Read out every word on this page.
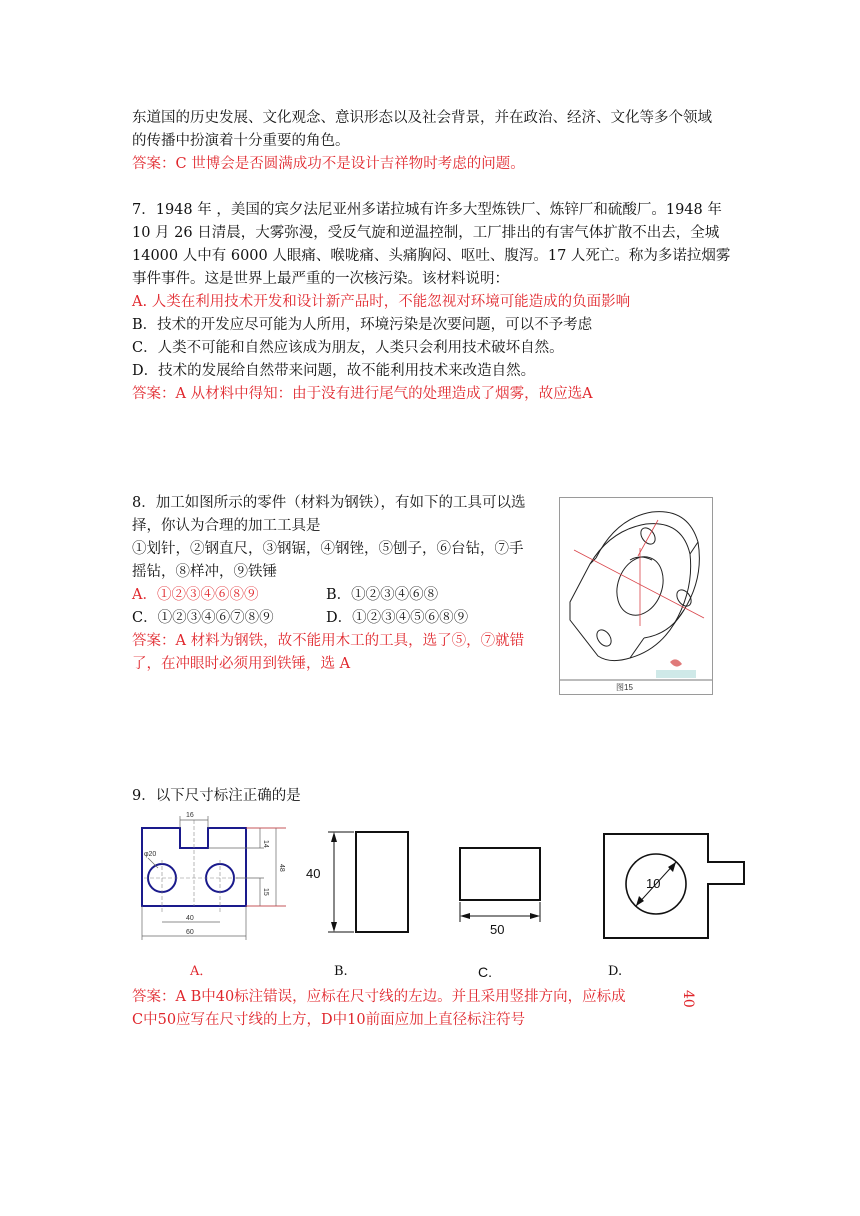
东道国的历史发展、文化观念、意识形态以及社会背景，并在政治、经济、文化等多个领域
的传播中扮演着十分重要的角色。
答案：C 世博会是否圆满成功不是设计吉祥物时考虑的问题。
7．1948 年 ，美国的宾夕法尼亚州多诺拉城有许多大型炼铁厂、炼锌厂和硫酸厂。1948 年
10 月 26 日清晨，大雾弥漫，受反气旋和逆温控制，工厂排出的有害气体扩散不出去，全城
14000 人中有 6000 人眼痛、喉咙痛、头痛胸闷、呕吐、腹泻。17 人死亡。称为多诺拉烟雾
事件事件。这是世界上最严重的一次核污染。该材料说明：
A. 人类在利用技术开发和设计新产品时，不能忽视对环境可能造成的负面影响
B．技术的开发应尽可能为人所用，环境污染是次要问题，可以不予考虑
C．人类不可能和自然应该成为朋友，人类只会利用技术破坏自然。
D．技术的发展给自然带来问题，故不能利用技术来改造自然。
答案：A 从材料中得知：由于没有进行尾气的处理造成了烟雾，故应选A
8．加工如图所示的零件（材料为钢铁），有如下的工具可以选
择，你认为合理的加工工具是
①划针，②钢直尺，③钢锯，④钢锉，⑤刨子，⑥台钻，⑦手
摇钻，⑧样冲，⑨铁锤
A．①②③④⑥⑧⑨	B．①②③④⑥⑧
C．①②③④⑥⑦⑧⑨	D．①②③④⑤⑥⑧⑨
答案：A 材料为钢铁，故不能用木工的工具，选了⑤，⑦就错
了，在冲眼时必须用到铁锤，选 A
图15
9．以下尺寸标注正确的是
16
14
48
15
40
60
φ20
40
50
10
A．	B.	C.	D.
答案：A B中40标注错误，应标在尺寸线的左边。并且采用竖排方向，应标成
C中50应写在尺寸线的上方，D中10前面应加上直径标注符号
40
